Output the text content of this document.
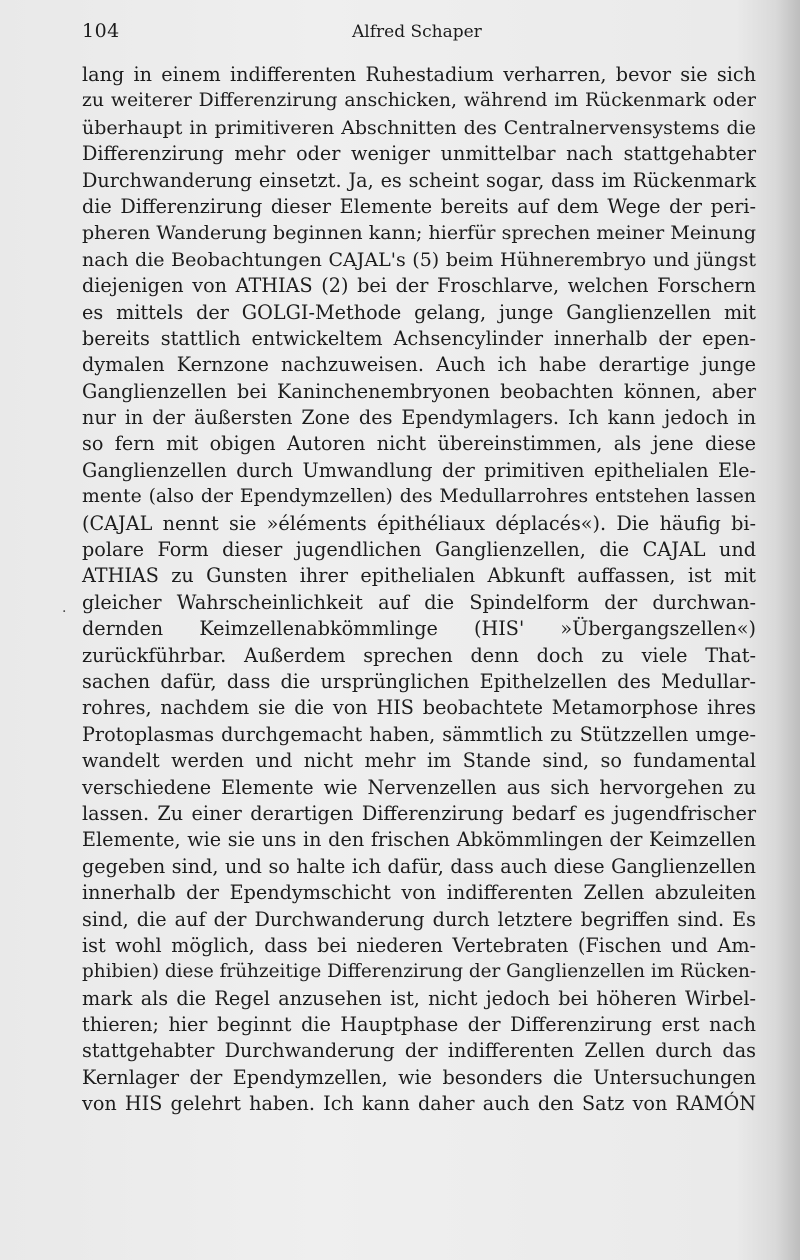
104	Alfred Schaper
·
lang in einem indifferenten Ruhestadium verharren, bevor sie sich
zu weiterer Differenzirung anschicken, während im Rückenmark oder
überhaupt in primitiveren Abschnitten des Centralnervensystems die
Differenzirung mehr oder weniger unmittelbar nach stattgehabter
Durchwanderung einsetzt. Ja, es scheint sogar, dass im Rückenmark
die Differenzirung dieser Elemente bereits auf dem Wege der peri-
pheren Wanderung beginnen kann; hierfür sprechen meiner Meinung
nach die Beobachtungen CAJAL's (5) beim Hühnerembryo und jüngst
diejenigen von ATHIAS (2) bei der Froschlarve, welchen Forschern
es mittels der GOLGI-Methode gelang, junge Ganglienzellen mit
bereits stattlich entwickeltem Achsencylinder innerhalb der epen-
dymalen Kernzone nachzuweisen. Auch ich habe derartige junge
Ganglienzellen bei Kaninchenembryonen beobachten können, aber
nur in der äußersten Zone des Ependymlagers. Ich kann jedoch in
so fern mit obigen Autoren nicht übereinstimmen, als jene diese
Ganglienzellen durch Umwandlung der primitiven epithelialen Ele-
mente (also der Ependymzellen) des Medullarrohres entstehen lassen
(CAJAL nennt sie »éléments épithéliaux déplacés«). Die häufig bi-
polare Form dieser jugendlichen Ganglienzellen, die CAJAL und
ATHIAS zu Gunsten ihrer epithelialen Abkunft auffassen, ist mit
gleicher Wahrscheinlichkeit auf die Spindelform der durchwan-
dernden Keimzellenabkömmlinge (HIS' »Übergangszellen«)
zurückführbar. Außerdem sprechen denn doch zu viele That-
sachen dafür, dass die ursprünglichen Epithelzellen des Medullar-
rohres, nachdem sie die von HIS beobachtete Metamorphose ihres
Protoplasmas durchgemacht haben, sämmtlich zu Stützzellen umge-
wandelt werden und nicht mehr im Stande sind, so fundamental
verschiedene Elemente wie Nervenzellen aus sich hervorgehen zu
lassen. Zu einer derartigen Differenzirung bedarf es jugendfrischer
Elemente, wie sie uns in den frischen Abkömmlingen der Keimzellen
gegeben sind, und so halte ich dafür, dass auch diese Ganglienzellen
innerhalb der Ependymschicht von indifferenten Zellen abzuleiten
sind, die auf der Durchwanderung durch letztere begriffen sind. Es
ist wohl möglich, dass bei niederen Vertebraten (Fischen und Am-
phibien) diese frühzeitige Differenzirung der Ganglienzellen im Rücken-
mark als die Regel anzusehen ist, nicht jedoch bei höheren Wirbel-
thieren; hier beginnt die Hauptphase der Differenzirung erst nach
stattgehabter Durchwanderung der indifferenten Zellen durch das
Kernlager der Ependymzellen, wie besonders die Untersuchungen
von HIS gelehrt haben. Ich kann daher auch den Satz von RAMÓN
